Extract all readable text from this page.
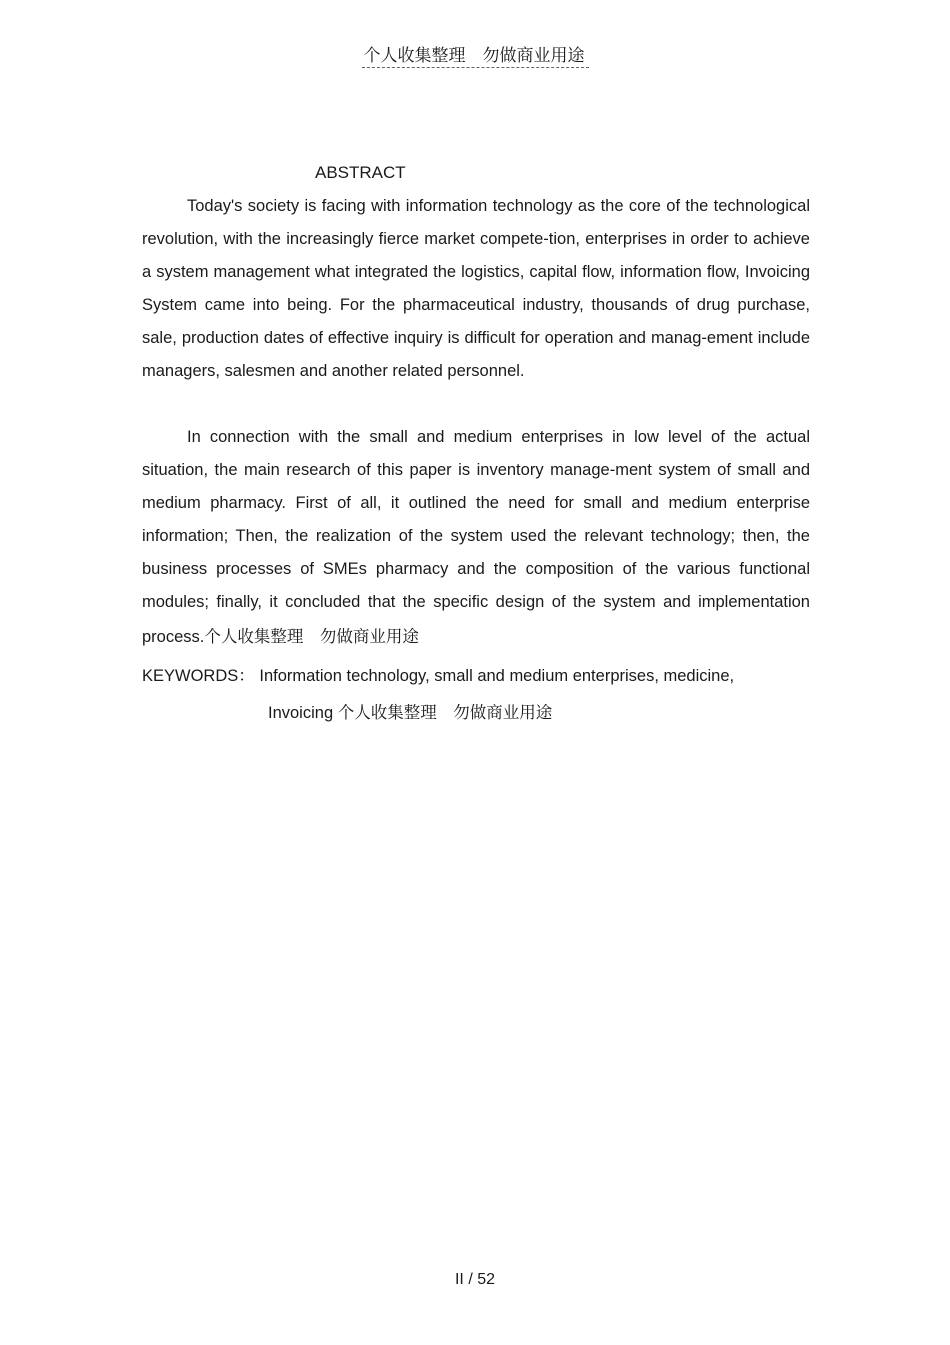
个人收集整理　勿做商业用途
ABSTRACT

Today's society is facing with information technology as the core of the technological revolution, with the increasingly fierce market compete-tion, enterprises in order to achieve a system management what integrated the logistics, capital flow, information flow, Invoicing System came into being. For the pharmaceutical industry, thousands of drug purchase, sale, production dates of effective inquiry is difficult for operation and manag-ement include managers, salesmen and another related personnel.

In connection with the small and medium enterprises in low level of the actual situation, the main research of this paper is inventory manage-ment system of small and medium pharmacy. First of all, it outlined the need for small and medium enterprise information; Then, the realization of the system used the relevant technology; then, the business processes of SMEs pharmacy and the composition of the various functional modules; finally, it concluded that the specific design of the system and implementation process.个人收集整理　勿做商业用途

KEYWORDS： Information technology, small and medium enterprises, medicine,

Invoicing 个人收集整理　勿做商业用途

II / 52
